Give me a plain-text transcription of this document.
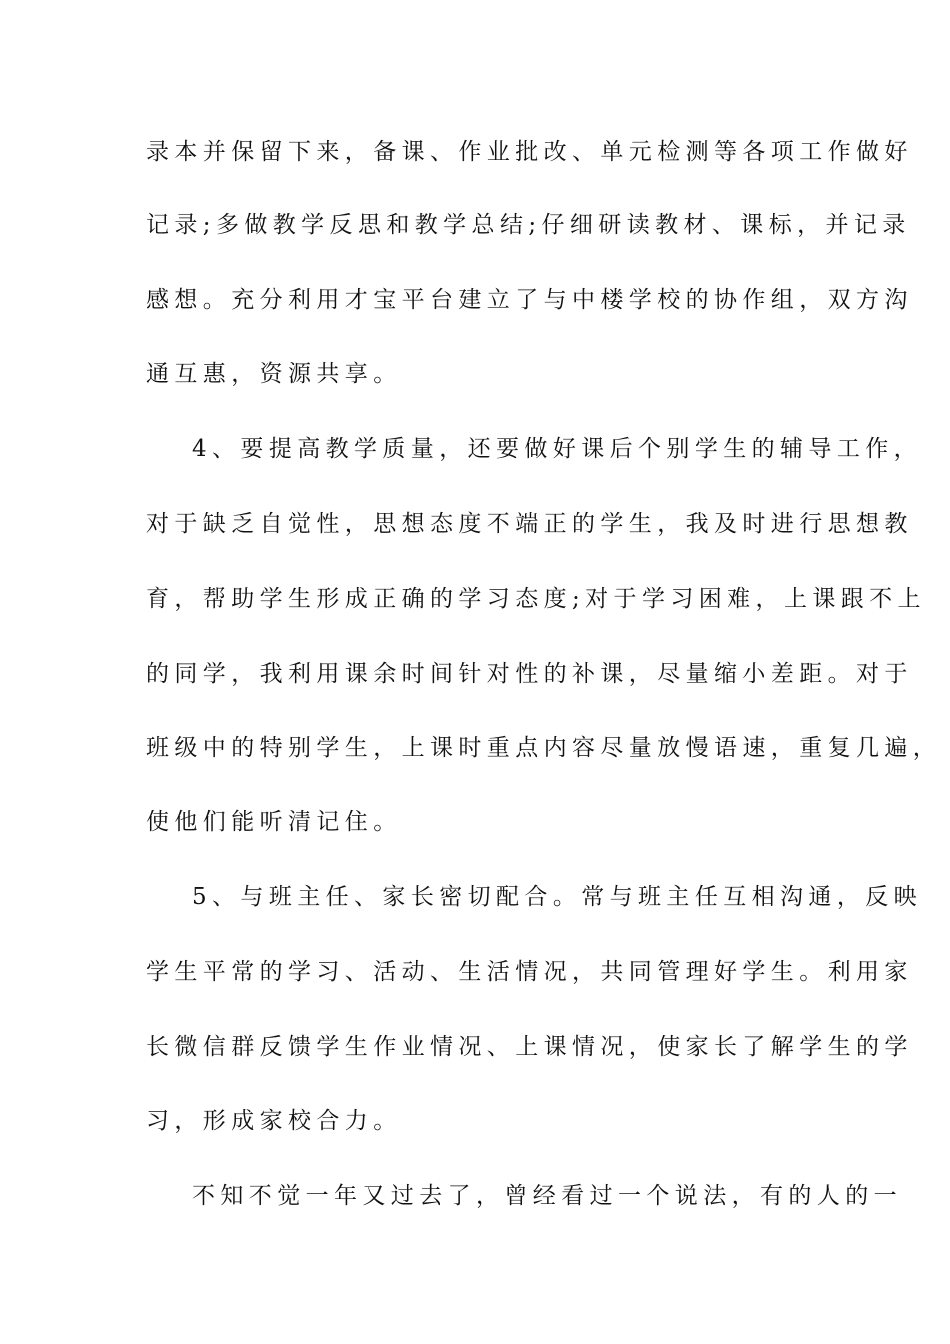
录本并保留下来，备课、作业批改、单元检测等各项工作做好
记录;多做教学反思和教学总结;仔细研读教材、课标，并记录
感想。充分利用才宝平台建立了与中楼学校的协作组，双方沟
通互惠，资源共享。
4、要提高教学质量，还要做好课后个别学生的辅导工作，
对于缺乏自觉性，思想态度不端正的学生，我及时进行思想教
育，帮助学生形成正确的学习态度;对于学习困难，上课跟不上
的同学，我利用课余时间针对性的补课，尽量缩小差距。对于
班级中的特别学生，上课时重点内容尽量放慢语速，重复几遍，
使他们能听清记住。
5、与班主任、家长密切配合。常与班主任互相沟通，反映
学生平常的学习、活动、生活情况，共同管理好学生。利用家
长微信群反馈学生作业情况、上课情况，使家长了解学生的学
习，形成家校合力。
不知不觉一年又过去了，曾经看过一个说法，有的人的一
